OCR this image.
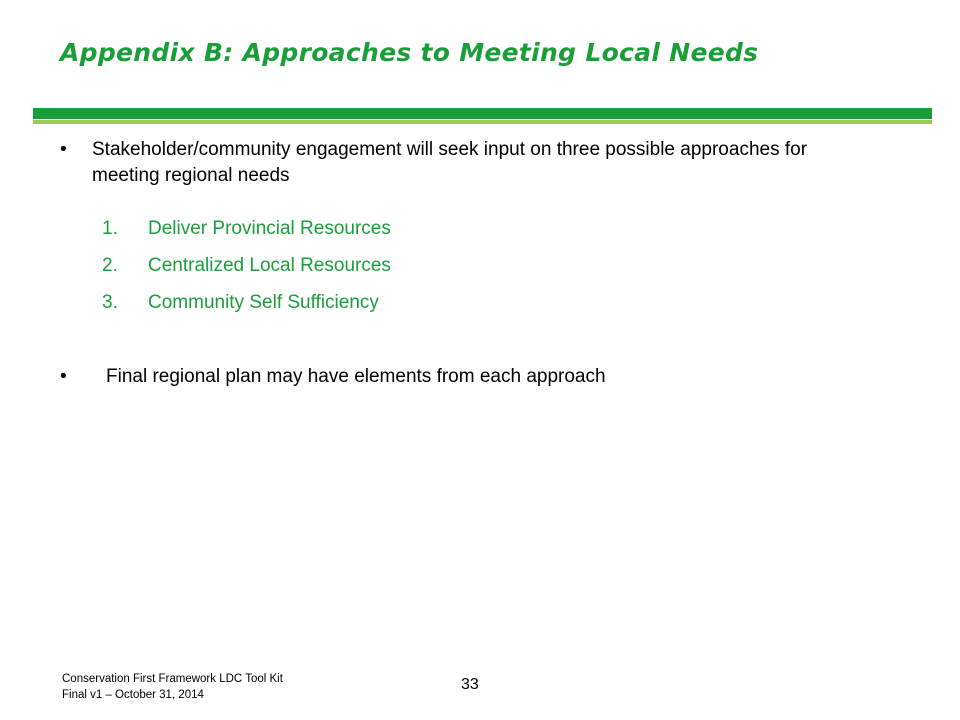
Appendix B: Approaches to Meeting Local Needs
• Stakeholder/community engagement will seek input on three possible approaches for meeting regional needs
1. Deliver Provincial Resources
2. Centralized Local Resources
3. Community Self Sufficiency
• Final regional plan may have elements from each approach
Conservation First Framework LDC Tool Kit
Final v1 – October 31, 2014
33
